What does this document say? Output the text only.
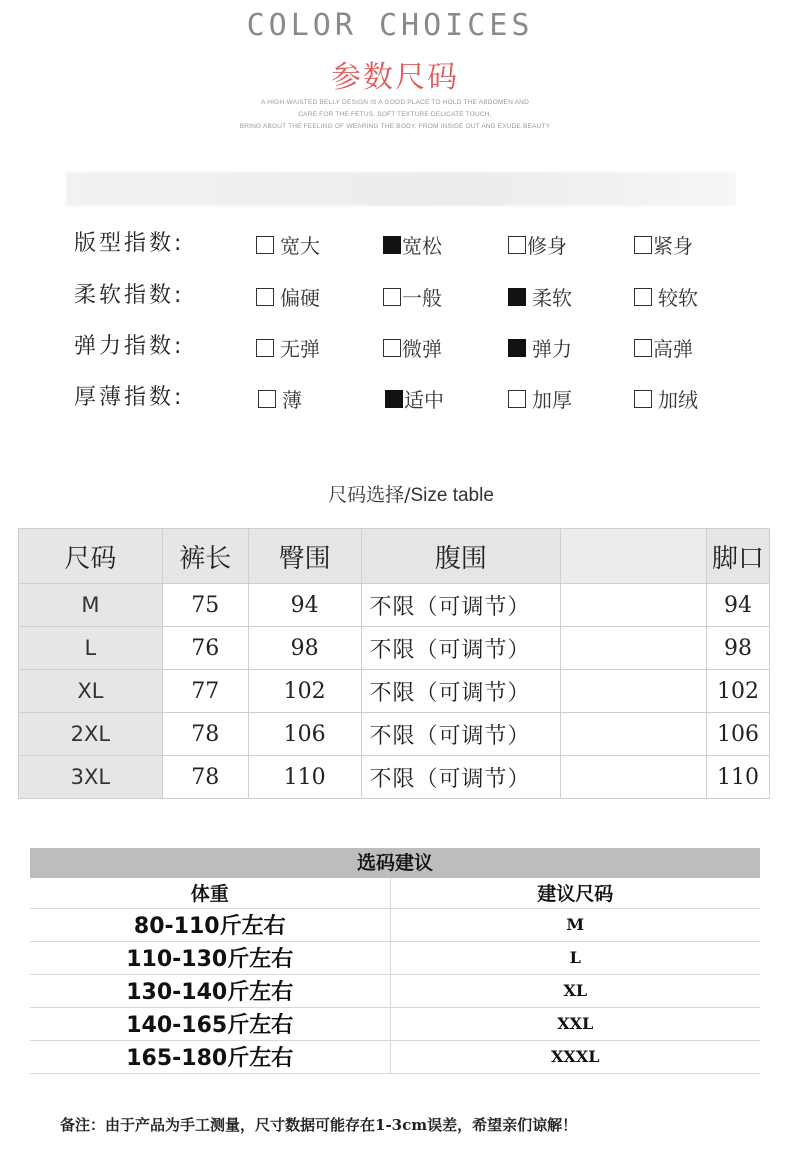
COLOR CHOICES
参数尺码
A HIGH-WAISTED BELLY DESIGN IS A GOOD PLACE TO HOLD THE ABDOMEN AND
CARE FOR THE FETUS, SOFT TEXTURE DELICATE TOUCH,
BRING ABOUT THE FEELING OF WEARING THE BODY, FROM INSIDE OUT AND EXUDE BEAUTY
版型指数:	宽大	宽松	修身	紧身
柔软指数:	偏硬	一般	柔软	较软
弹力指数:	无弹	微弹	弹力	高弹
厚薄指数:	薄	适中	加厚	加绒
尺码选择/Size table
尺码	裤长	臀围	腹围		脚口
M	75	94	不限（可调节）		94
L	76	98	不限（可调节）		98
XL	77	102	不限（可调节）		102
2XL	78	106	不限（可调节）		106
3XL	78	110	不限（可调节）		110
选码建议
体重	建议尺码
80-110斤左右	M
110-130斤左右	L
130-140斤左右	XL
140-165斤左右	XXL
165-180斤左右	XXXL
备注：由于产品为手工测量，尺寸数据可能存在1-3cm误差，希望亲们谅解！
